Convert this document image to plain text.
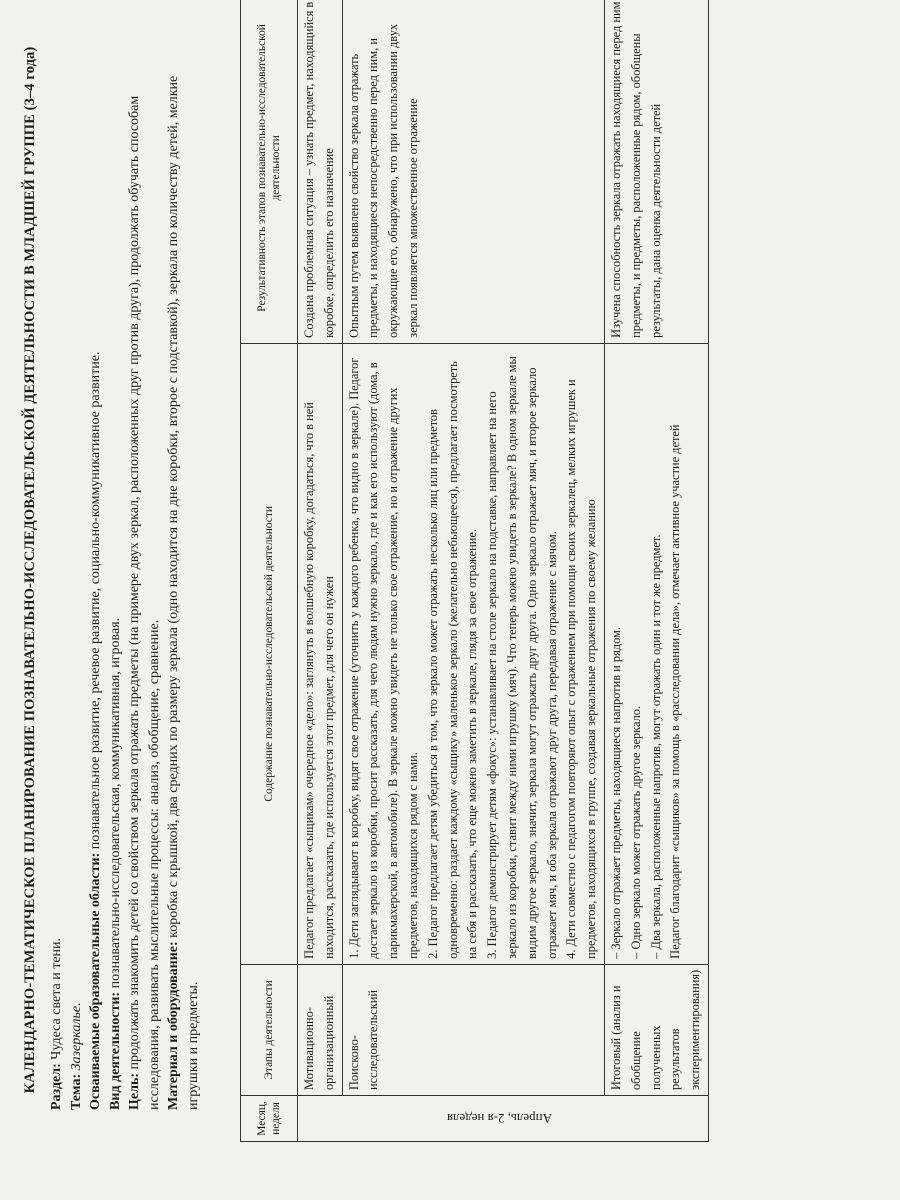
КАЛЕНДАРНО-ТЕМАТИЧЕСКОЕ ПЛАНИРОВАНИЕ ПОЗНАВАТЕЛЬНО-ИССЛЕДОВАТЕЛЬСКОЙ ДЕЯТЕЛЬНОСТИ В МЛАДШЕЙ ГРУППЕ (3–4 года) Раздел: Чудеса света и тени.
Тема: Зазеркалье. Осваиваемые образовательные области: познавательное развитие, речевое развитие, социально-коммуникативное развитие.
Вид деятельности: познавательно-исследовательская, коммуникативная, игровая.
Цель: продолжать знакомить детей со свойством зеркала отражать предметы (на примере двух зеркал, расположенных друг против друга), продолжать обучать способам исследования, развивать мыслительные процессы: анализ, обобщение, сравнение. Материал и оборудование: коробка с крышкой, два средних по размеру зеркала (одно находится на дне коробки, второе с подставкой), зеркала по количеству детей, мелкие игрушки и предметы.
Месяц, неделя	Этапы деятельности	Содержание познавательно-исследовательской деятельности	Результативность этапов познавательно-исследовательской деятельности
Апрель, 2-я неделя	Мотивационно-организационный	Педагог предлагает «сыщикам» очередное «дело»: заглянуть в волшебную коробку, догадаться, что в ней находится, рассказать, где используется этот предмет, для чего он нужен	Создана проблемная ситуация – узнать предмет, находящийся в коробке, определить его назначение
	Поисково-исследовательский	1. Дети заглядывают в коробку, видят свое отражение (уточнить у каждого ребенка, что видно в зеркале). Педагог достает зеркало из коробки, просит рассказать, для чего людям нужно зеркало, где и как его используют (дома, в парикмахерской, в автомобиле). В зеркале можно увидеть не только свое отражение, но и отражение других предметов, находящихся рядом с нами. 2. Педагог предлагает детям убедиться в том, что зеркало может отражать несколько лиц или предметов одновременно: раздает каждому «сыщику» маленькое зеркало (желательно небьющееся), предлагает посмотреть на себя и рассказать, что еще можно заметить в зеркале, глядя за свое отражение. 3. Педагог демонстрирует детям «фокус»: устанавливает на столе зеркало на подставке, направляет на него зеркало из коробки, ставит между ними игрушку (мяч). Что теперь можно увидеть в зеркале? В одном зеркале мы видим другое зеркало, значит, зеркала могут отражать друг друга. Одно зеркало отражает мяч, и второе зеркало отражает мяч, и оба зеркала отражают друг друга, передавая отражение с мячом. 4. Дети совместно с педагогом повторяют опыт с отражением при помощи своих зеркалец, мелких игрушек и предметов, находящихся в группе, создавая зеркальные отражения по своему желанию	Опытным путем выявлено свойство зеркала отражать предметы, и находящиеся непосредственно перед ним, и окружающие его, обнаружено, что при использовании двух зеркал появляется множественное отражение
	Итоговый (анализ и обобщение полученных результатов экспериментирования)	– Зеркало отражает предметы, находящиеся напротив и рядом. – Одно зеркало может отражать другое зеркало. – Два зеркала, расположенные напротив, могут отражать один и тот же предмет. Педагог благодарит «сыщиков» за помощь в «расследовании дела», отмечает активное участие детей	Изучена способность зеркала отражать находящиеся перед ним предметы, и предметы, расположенные рядом, обобщены результаты, дана оценка деятельности детей
